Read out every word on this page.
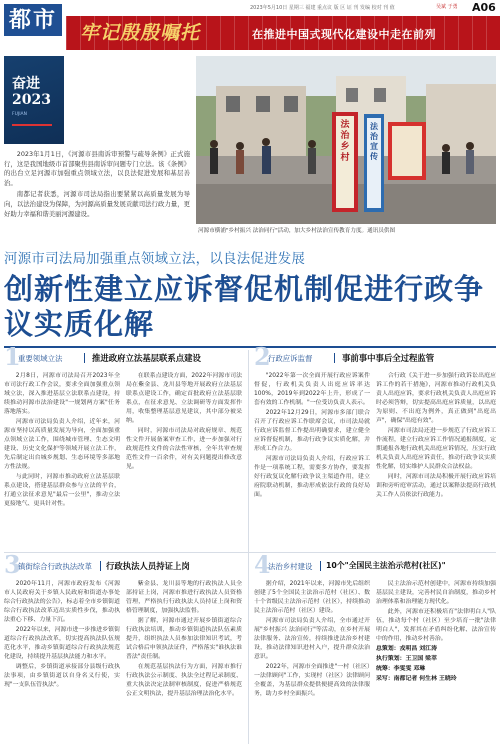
都市	2023年5月10日 星期三 福建 重点议 版 区 证 刊 发编 校对 刊 值	吴斌 于勇 A06
牢记殷殷嘱托	在推进中国式现代化建设中走在前列
奋进2023
FUJIAN

2023年1月1日，《河源市县南诉审预警与疏导条例》正式施行，这是我国地级市首部聚焦县南诉审问题专门立法。该《条例》的出台立足河源市加强重点领域立法，以良法促进发展和基层善治。

南都记者获悉，河源市司法局指出要紧紧以高质量发展为导向，以法治建设为保障，为河源高质量发展贡献司法行政力量，更好助力幸福和谐美丽河源建设。

法治乡村
法治宣传
河源市横浦"乡村振兴 法治同行"活动，加大乡村法治宣传教育力度。通讯员供图
河源市司法局加强重点领域立法，以良法促进发展
创新性建立应诉督促机制促进行政争议实质化解
1
重要领域立法	推进政府立法基层联系点建设

2月8日，河源市司法局召开2023年全市司法行政工作会议，要求全面加强重点领域立法，深入推进基层立法联系点建设，持续推动河源市法治建设"一规划两方案"任务落地落实。

河源市司法局负责人介绍，近年来，河源市坚持以高质量发展为导向，全面加强重点领域立法工作，围绕城市管理、生态文明建设、历史文化保护等领域开展立法工作，先后制定出台城乡规划、生态环境等多部地方性法规。

与此同时，河源市推动政府立法基层联系点建设，搭建基层群众参与立法的平台，打通立法征求意见"最后一公里"，推动立法更接地气、更具针对性。

在联系点建设方面，2022年河源市司法局在紫金县、龙川县等地开展政府立法基层联系点建设工作，确定首批政府立法基层联系点，在征求意见、立法调研等方面发挥作用，收集整理基层意见建议，其中部分被采纳。

同时，河源市司法局对政府规章、规范性文件开展备案审查工作，进一步加强对行政规范性文件的合法性审核，全年共审查规范性文件一百余件，对有关问题提出修改意见。

2
行政应诉监督	事前事中事后全过程监管

"2022年第一次全面开展行政应诉案件督促，行政机关负责人出庭应诉率达100%，2019年到2022年上升，形成了一套有效的工作机制。"一位受访负责人表示。

2022年12月29日，河源市多部门联合召开了行政应诉工作联席会议，市司法局就行政应诉监督工作提出明确要求，建立健全应诉督促机制，推动行政争议实质化解，并形成工作合力。

河源市司法局负责人介绍，行政应诉工作是一项系统工程，需要多方协作，要发挥好行政复议化解行政争议主渠道作用，建立府院联动机制，推动形成依法行政的良好局面。

合行政《关于进一步加强行政诉讼出庭应诉工作的若干措施》，河源市推动行政机关负责人出庭应诉，要求行政机关负责人出庭应诉时必须答辩，切实提高出庭应诉质量，以出庭为原则、不出庭为例外，真正做到"出庭出声"，确保"出庭有效"。

河源市司法局还进一步规范了行政应诉工作流程，建立行政应诉工作情况通报制度，定期通报各地行政机关出庭应诉情况，压实行政机关负责人出庭应诉责任，推动行政争议实质性化解，切实维护人民群众合法权益。

同时，河源市司法局积极开展行政应诉培训和旁听庭审活动，通过以案释法提高行政机关工作人员依法行政能力。

3
镇街综合行政执法改革 行政执法人员持证上岗

2020年11月，河源市政府发布《河源市人民政府关于乡镇人民政府和街道办事处综合行政执法的公告》，标志着全市乡镇街道综合行政执法改革迈出实质性步伐，推动执法重心下移、力量下沉。

2022年以来，河源市进一步推进乡镇街道综合行政执法改革，切实提高执法队伍规范化水平，推动乡镇街道综合行政执法规范化建设，持续提升基层执法能力和水平。

调整后，乡镇街道承接部分县级行政执法事项，由乡镇街道以自身名义行使，实现"一支队伍管执法"。

紫金县、龙川县等地的行政执法人员全部持证上岗，河源市推进行政执法人员资格管理，严格执行行政执法人员持证上岗和资格管理制度，加强执法监督。

据了解，河源市通过开展乡镇街道综合行政执法培训，推动乡镇街道执法队伍素质提升，组织执法人员参加法律知识考试，考试合格后申领执法证件，严格落实"谁执法谁普法"责任制。

在规范基层执法行为方面，河源市推行行政执法公示制度、执法全过程记录制度、重大执法决定法制审核制度，促进严格规范公正文明执法，提升基层治理法治化水平。

4
法治乡村建设 10个"全国民主法治示范村(社区)"

据介绍，2021年以来，河源市先后组织创建了5个全国民主法治示范村（社区）、数十个省级民主法治示范村（社区），持续推动民主法治示范村（社区）建设。

河源市司法局负责人介绍，全市通过开展"乡村振兴 法治同行"等活动，在乡村开展法律服务、法治宣传，持续推进法治乡村建设，推动法律知识进村入户，提升群众法治意识。

2022年，河源市全面推进"一村（社区）一法律顾问"工作，实现村（社区）法律顾问全覆盖，为基层群众提供便捷高效的法律服务，助力乡村全面振兴。

民主法治示范村创建中，河源市持续加强基层民主建设，完善村民自治制度，推动乡村治理体系和治理能力现代化。

此外，河源市还积极培育"法律明白人"队伍，推动每个村（社区）至少培育一批"法律明白人"，发挥其在矛盾纠纷化解、法治宣传中的作用，推动乡村善治。

总策划：戎明昌 刘江涛

执行策划：王卫国 梁萃

统筹：李雯雯 邓琳

采写：南都记者 何生林 王晓玲
